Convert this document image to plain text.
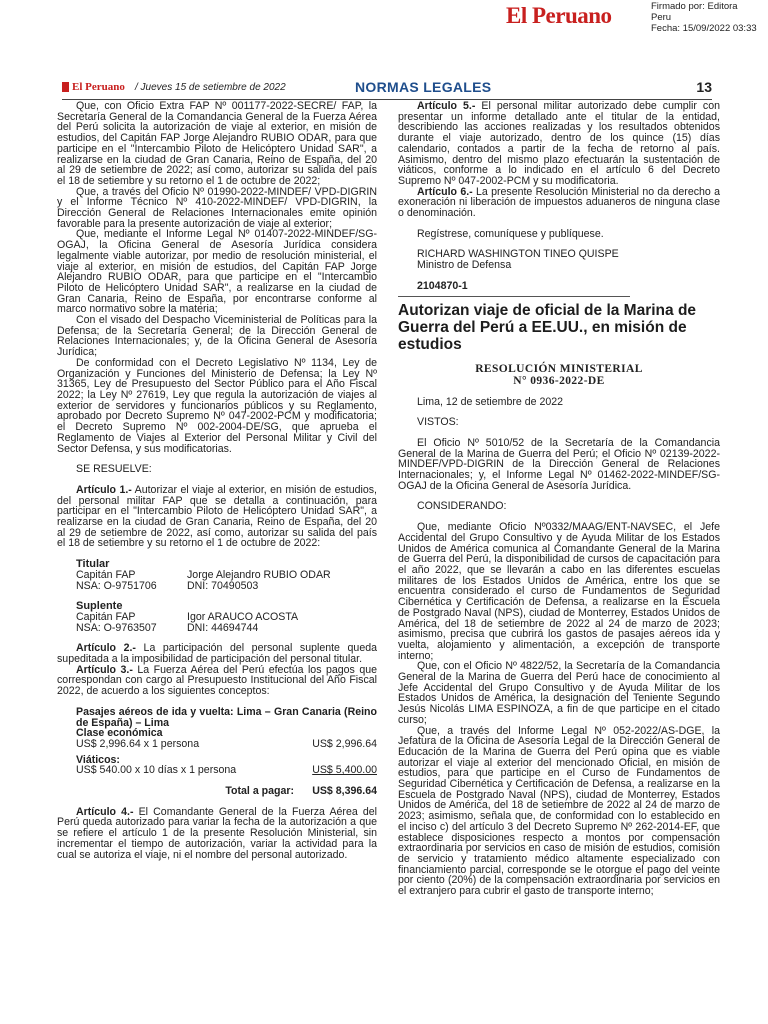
El Peruano	Firmado por: Editora
Peru
Fecha: 15/09/2022 03:33
El Peruano / Jueves 15 de setiembre de 2022	NORMAS LEGALES	13

Que, con Oficio Extra FAP Nº 001177-2022-SECRE/ FAP, la Secretaría General de la Comandancia General de la Fuerza Aérea del Perú solicita la autorización de viaje al exterior, en misión de estudios, del Capitán FAP Jorge Alejandro RUBIO ODAR, para que participe en el "Intercambio Piloto de Helicóptero Unidad SAR", a realizarse en la ciudad de Gran Canaria, Reino de España, del 20 al 29 de setiembre de 2022; así como, autorizar su salida del país el 18 de setiembre y su retorno el 1 de octubre de 2022;

Que, a través del Oficio Nº 01990-2022-MINDEF/ VPD-DIGRIN y el Informe Técnico Nº 410-2022-MINDEF/ VPD-DIGRIN, la Dirección General de Relaciones Internacionales emite opinión favorable para la presente autorización de viaje al exterior;

Que, mediante el Informe Legal Nº 01407-2022-MINDEF/SG-OGAJ, la Oficina General de Asesoría Jurídica considera legalmente viable autorizar, por medio de resolución ministerial, el viaje al exterior, en misión de estudios, del Capitán FAP Jorge Alejandro RUBIO ODAR, para que participe en el "Intercambio Piloto de Helicóptero Unidad SAR", a realizarse en la ciudad de Gran Canaria, Reino de España, por encontrarse conforme al marco normativo sobre la materia;

Con el visado del Despacho Viceministerial de Políticas para la Defensa; de la Secretaría General; de la Dirección General de Relaciones Internacionales; y, de la Oficina General de Asesoría Jurídica;

De conformidad con el Decreto Legislativo Nº 1134, Ley de Organización y Funciones del Ministerio de Defensa; la Ley Nº 31365, Ley de Presupuesto del Sector Público para el Año Fiscal 2022; la Ley Nº 27619, Ley que regula la autorización de viajes al exterior de servidores y funcionarios públicos y su Reglamento, aprobado por Decreto Supremo Nº 047-2002-PCM y modificatoria; el Decreto Supremo Nº 002-2004-DE/SG, que aprueba el Reglamento de Viajes al Exterior del Personal Militar y Civil del Sector Defensa, y sus modificatorias.

SE RESUELVE:

Artículo 1.- Autorizar el viaje al exterior, en misión de estudios, del personal militar FAP que se detalla a continuación, para participar en el "Intercambio Piloto de Helicóptero Unidad SAR", a realizarse en la ciudad de Gran Canaria, Reino de España, del 20 al 29 de setiembre de 2022, así como, autorizar su salida del país el 18 de setiembre y su retorno el 1 de octubre de 2022:

Titular

Capitán FAP	Jorge Alejandro RUBIO ODAR
NSA: O-9751706	DNI: 70490503

Suplente

Capitán FAP	Igor ARAUCO ACOSTA
NSA: O-9763507	DNI: 44694744

Artículo 2.- La participación del personal suplente queda supeditada a la imposibilidad de participación del personal titular.

Artículo 3.- La Fuerza Aérea del Perú efectúa los pagos que correspondan con cargo al Presupuesto Institucional del Año Fiscal 2022, de acuerdo a los siguientes conceptos:

Pasajes aéreos de ida y vuelta: Lima – Gran Canaria (Reino de España) – Lima

Clase económica

US$ 2,996.64 x 1 persona	US$ 2,996.64

Viáticos:

US$ 540.00 x 10 días x 1 persona	US$ 5,400.00
Total a pagar: US$ 8,396.64

Artículo 4.- El Comandante General de la Fuerza Aérea del Perú queda autorizado para variar la fecha de la autorización a que se refiere el artículo 1 de la presente Resolución Ministerial, sin incrementar el tiempo de autorización, variar la actividad para la cual se autoriza el viaje, ni el nombre del personal autorizado.

Artículo 5.- El personal militar autorizado debe cumplir con presentar un informe detallado ante el titular de la entidad, describiendo las acciones realizadas y los resultados obtenidos durante el viaje autorizado, dentro de los quince (15) días calendario, contados a partir de la fecha de retorno al país. Asimismo, dentro del mismo plazo efectuarán la sustentación de viáticos, conforme a lo indicado en el artículo 6 del Decreto Supremo Nº 047-2002-PCM y su modificatoria.

Artículo 6.- La presente Resolución Ministerial no da derecho a exoneración ni liberación de impuestos aduaneros de ninguna clase o denominación.

Regístrese, comuníquese y publíquese.

RICHARD WASHINGTON TINEO QUISPE

Ministro de Defensa

2104870-1

Autorizan viaje de oficial de la Marina de Guerra del Perú a EE.UU., en misión de estudios

RESOLUCIÓN MINISTERIAL
N° 0936-2022-DE

Lima, 12 de setiembre de 2022

VISTOS:

El Oficio Nº 5010/52 de la Secretaría de la Comandancia General de la Marina de Guerra del Perú; el Oficio Nº 02139-2022-MINDEF/VPD-DIGRIN de la Dirección General de Relaciones Internacionales; y, el Informe Legal Nº 01462-2022-MINDEF/SG-OGAJ de la Oficina General de Asesoría Jurídica.

CONSIDERANDO:

Que, mediante Oficio Nº0332/MAAG/ENT-NAVSEC, el Jefe Accidental del Grupo Consultivo y de Ayuda Militar de los Estados Unidos de América comunica al Comandante General de la Marina de Guerra del Perú, la disponibilidad de cursos de capacitación para el año 2022, que se llevarán a cabo en las diferentes escuelas militares de los Estados Unidos de América, entre los que se encuentra considerado el curso de Fundamentos de Seguridad Cibernética y Certificación de Defensa, a realizarse en la Escuela de Postgrado Naval (NPS), ciudad de Monterrey, Estados Unidos de América, del 18 de setiembre de 2022 al 24 de marzo de 2023; asimismo, precisa que cubrirá los gastos de pasajes aéreos ida y vuelta, alojamiento y alimentación, a excepción de transporte interno;

Que, con el Oficio Nº 4822/52, la Secretaría de la Comandancia General de la Marina de Guerra del Perú hace de conocimiento al Jefe Accidental del Grupo Consultivo y de Ayuda Militar de los Estados Unidos de América, la designación del Teniente Segundo Jesús Nicolás LIMA ESPINOZA, a fin de que participe en el citado curso;

Que, a través del Informe Legal Nº 052-2022/AS-DGE, la Jefatura de la Oficina de Asesoría Legal de la Dirección General de Educación de la Marina de Guerra del Perú opina que es viable autorizar el viaje al exterior del mencionado Oficial, en misión de estudios, para que participe en el Curso de Fundamentos de Seguridad Cibernética y Certificación de Defensa, a realizarse en la Escuela de Postgrado Naval (NPS), ciudad de Monterrey, Estados Unidos de América, del 18 de setiembre de 2022 al 24 de marzo de 2023; asimismo, señala que, de conformidad con lo establecido en el inciso c) del artículo 3 del Decreto Supremo Nº 262-2014-EF, que establece disposiciones respecto a montos por compensación extraordinaria por servicios en caso de misión de estudios, comisión de servicio y tratamiento médico altamente especializado con financiamiento parcial, corresponde se le otorgue el pago del veinte por ciento (20%) de la compensación extraordinaria por servicios en el extranjero para cubrir el gasto de transporte interno;
